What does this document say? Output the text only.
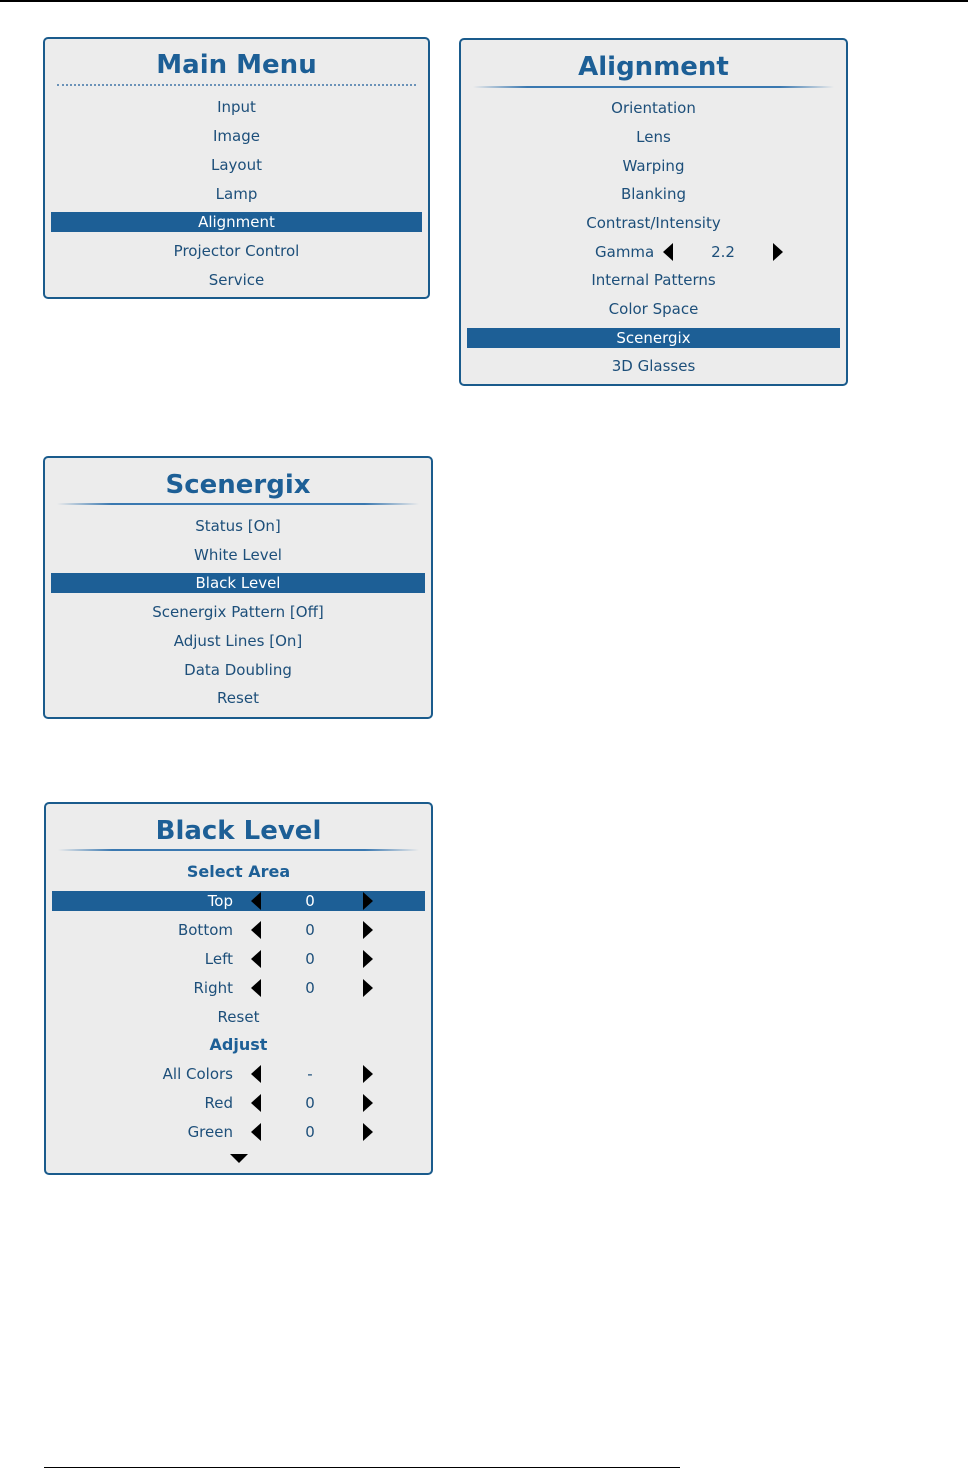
Main Menu
Input
Image
Layout
Lamp
Alignment
Projector Control
Service
Alignment
Orientation
Lens
Warping
Blanking
Contrast/Intensity
Gamma	2.2
Internal Patterns
Color Space
Scenergix
3D Glasses
Scenergix
Status [On]
White Level
Black Level
Scenergix Pattern [Off]
Adjust Lines [On]
Data Doubling
Reset
Black Level
Select Area
Top	0
Bottom	0
Left	0
Right	0
Reset
Adjust
All Colors	-
Red	0
Green	0
